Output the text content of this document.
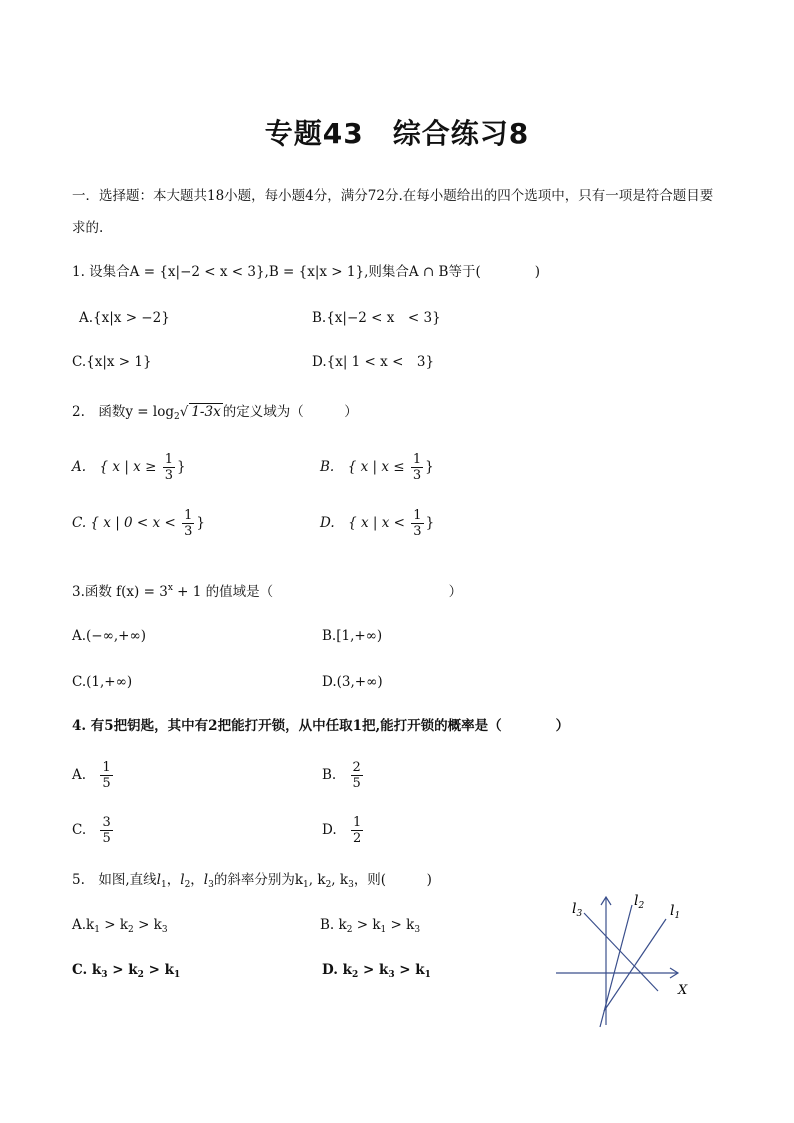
专题43　综合练习8
一．选择题：本大题共18小题，每小题4分，满分72分.在每小题给出的四个选项中，只有一项是符合题目要
求的.
1. 设集合A = {x|−2 < x < 3},B = {x|x > 1},则集合A ∩ B等于(　　　　)
A.{x|x > −2}	B.{x|−2 < x　< 3}
C.{x|x > 1}	D.{x| 1 < x <　3}
2.　函数$y = \log_2√$ 1-3x 的定义域为（　　　）
A.　{ x | $x \ge \frac{1}{3}$ }	B.　{ x | $x \le \frac{1}{3}$ }
C. { x | $0 < x < \frac{1}{3}$ }	D.　{ x | $x < \frac{1}{3}$ }
3.函数 $f(x) = 3^x + 1$ 的值域是（　　　　　　　　　　　　　）
A.(−∞,+∞)	B.[1,+∞)
C.(1,+∞)	D.(3,+∞)
4. 有5把钥匙，其中有2把能打开锁，从中任取1把,能打开锁的概率是（　　　　）
A. $\frac{1}{5}$	B. $\frac{2}{5}$
C. $\frac{3}{5}$	D. $\frac{1}{2}$
5.　如图,直线$l_1$，$l_2$，$l_3$的斜率分别为$k_1$, $k_2$, $k_3$，则(　　　)
$A.k_1 > k_2 > k_3$	B. $k_2 > k_1 > k_3$
C. $k_3 > k_2 > k_1$	D. $k_2 > k_3 > k_1$
$l_3$
$l_2$ $l_1$
X
